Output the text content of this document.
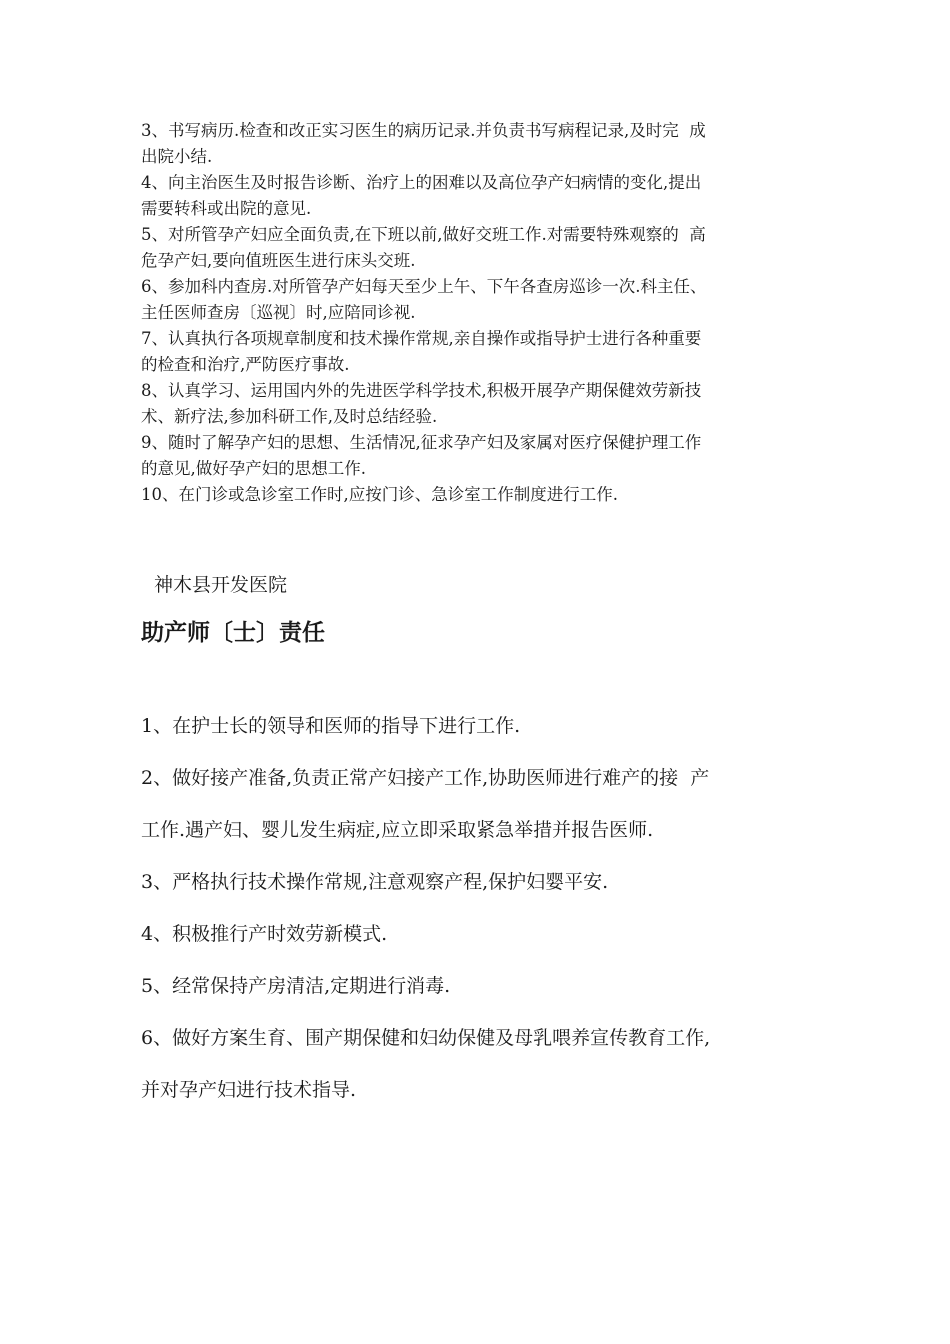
3、书写病历.检查和改正实习医生的病历记录.并负责书写病程记录,及时完  成

出院小结.

4、向主治医生及时报告诊断、治疗上的困难以及高位孕产妇病情的变化,提出

需要转科或出院的意见.

5、对所管孕产妇应全面负责,在下班以前,做好交班工作.对需要特殊观察的  高

危孕产妇,要向值班医生进行床头交班.

6、参加科内查房.对所管孕产妇每天至少上午、下午各查房巡诊一次.科主任、

主任医师查房〔巡视〕时,应陪同诊视.

7、认真执行各项规章制度和技术操作常规,亲自操作或指导护士进行各种重要

的检查和治疗,严防医疗事故.

8、认真学习、运用国内外的先进医学科学技术,积极开展孕产期保健效劳新技

术、新疗法,参加科研工作,及时总结经验.

9、随时了解孕产妇的思想、生活情况,征求孕产妇及家属对医疗保健护理工作

的意见,做好孕产妇的思想工作.

10、在门诊或急诊室工作时,应按门诊、急诊室工作制度进行工作.

神木县开发医院

助产师〔士〕责任

1、在护士长的领导和医师的指导下进行工作.

2、做好接产准备,负责正常产妇接产工作,协助医师进行难产的接  产

工作.遇产妇、婴儿发生病症,应立即采取紧急举措并报告医师.

3、严格执行技术操作常规,注意观察产程,保护妇婴平安.

4、积极推行产时效劳新模式.

5、经常保持产房清洁,定期进行消毒.

6、做好方案生育、围产期保健和妇幼保健及母乳喂养宣传教育工作,

并对孕产妇进行技术指导.
